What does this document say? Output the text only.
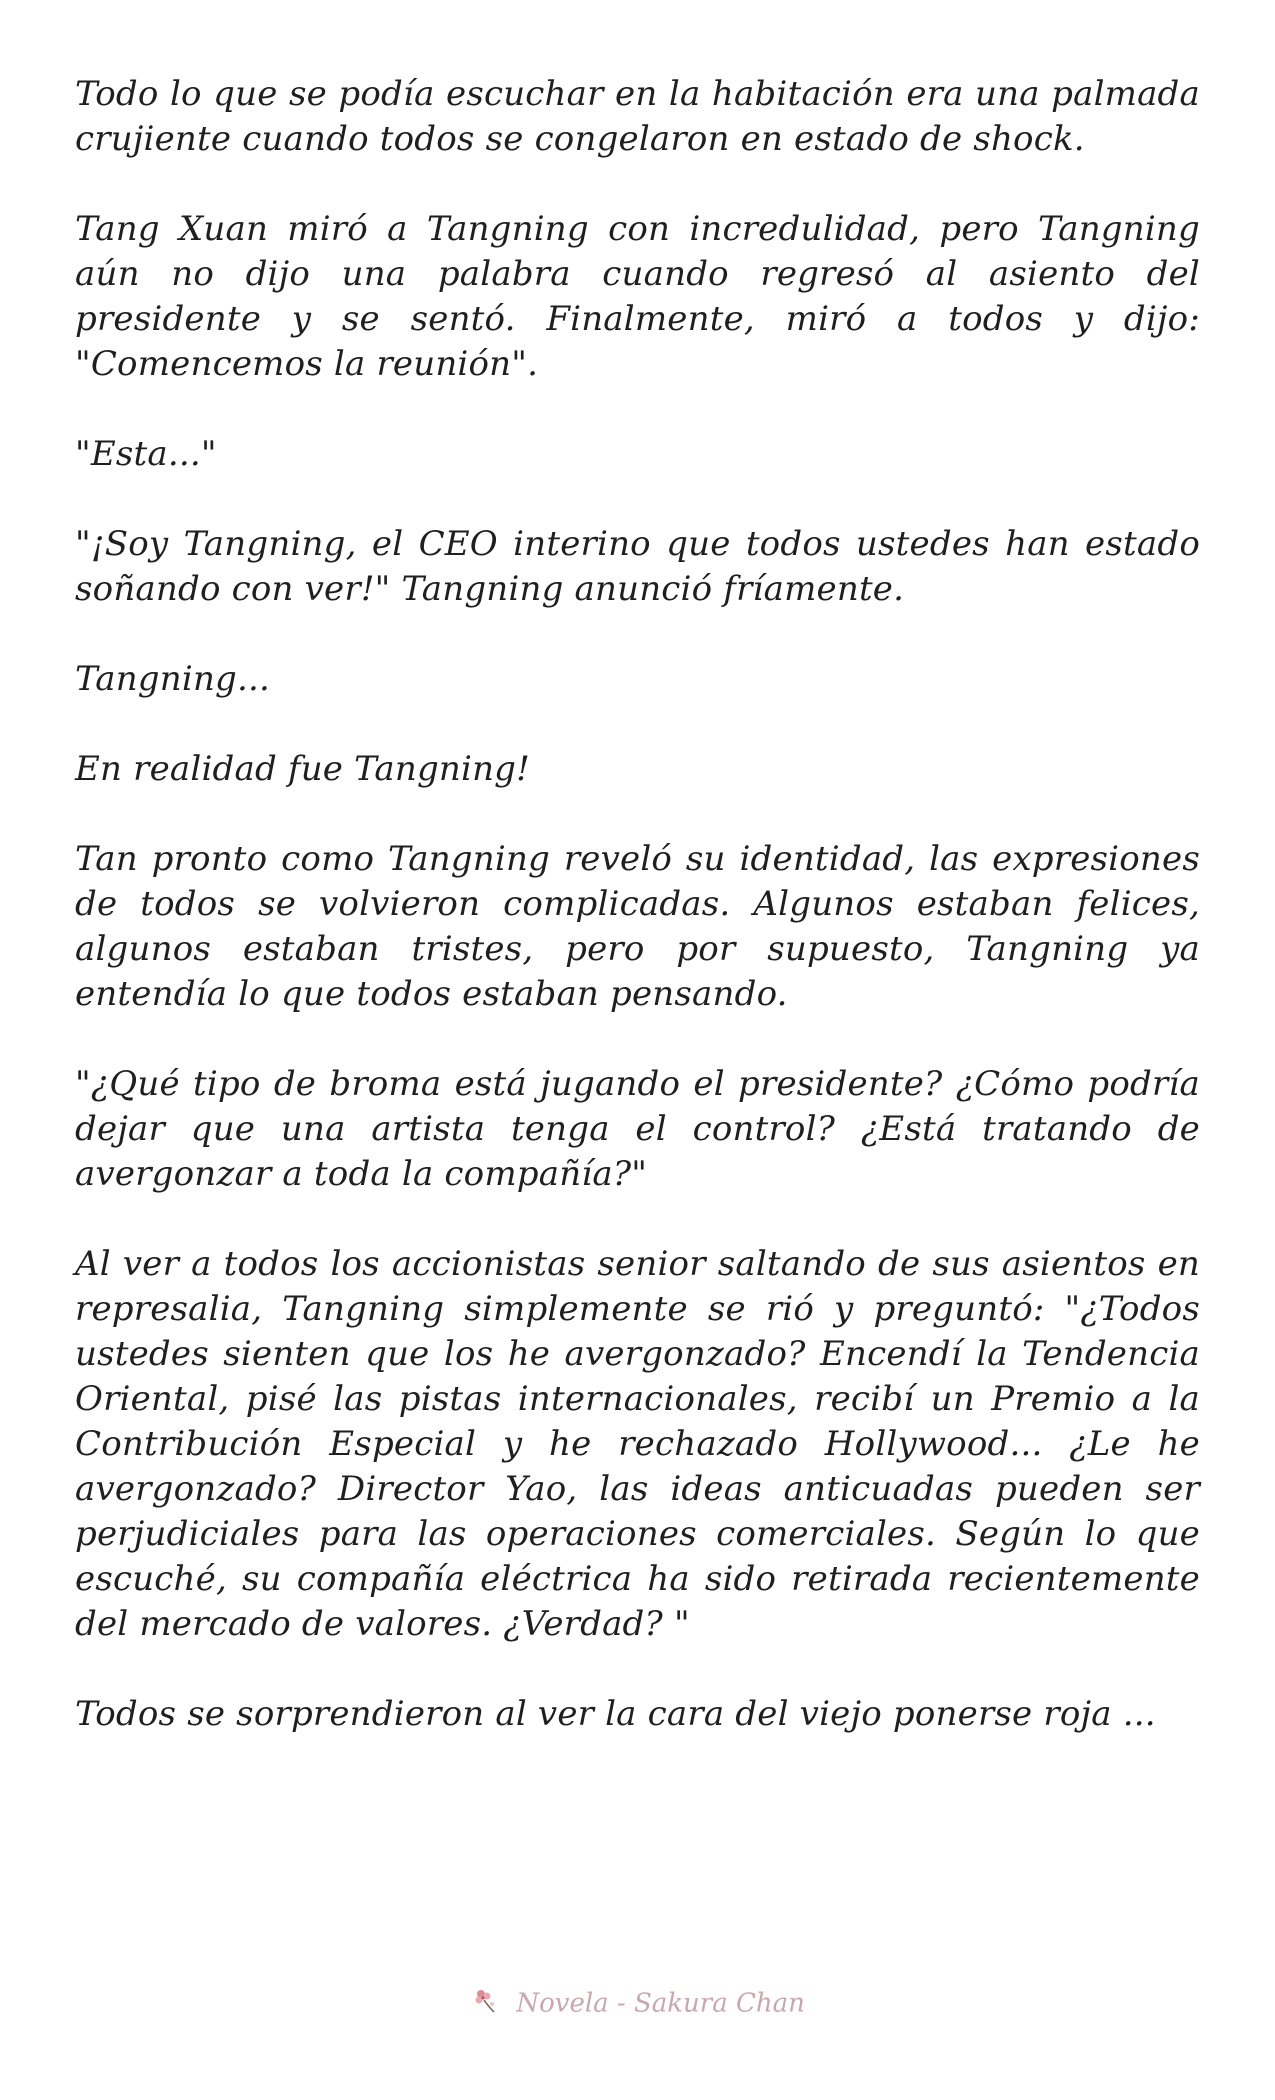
Todo lo que se podía escuchar en la habitación era una palmada crujiente cuando todos se congelaron en estado de shock.

Tang Xuan miró a Tangning con incredulidad, pero Tangning aún no dijo una palabra cuando regresó al asiento del presidente y se sentó. Finalmente, miró a todos y dijo: "Comencemos la reunión".

"Esta..."

"¡Soy Tangning, el CEO interino que todos ustedes han estado soñando con ver!" Tangning anunció fríamente.

Tangning...

En realidad fue Tangning!

Tan pronto como Tangning reveló su identidad, las expresiones de todos se volvieron complicadas. Algunos estaban felices, algunos estaban tristes, pero por supuesto, Tangning ya entendía lo que todos estaban pensando.

"¿Qué tipo de broma está jugando el presidente? ¿Cómo podría dejar que una artista tenga el control? ¿Está tratando de avergonzar a toda la compañía?"

Al ver a todos los accionistas senior saltando de sus asientos en represalia, Tangning simplemente se rió y preguntó: "¿Todos ustedes sienten que los he avergonzado? Encendí la Tendencia Oriental, pisé las pistas internacionales, recibí un Premio a la Contribución Especial y he rechazado Hollywood... ¿Le he avergonzado? Director Yao, las ideas anticuadas pueden ser perjudiciales para las operaciones comerciales. Según lo que escuché, su compañía eléctrica ha sido retirada recientemente del mercado de valores. ¿Verdad? "

Todos se sorprendieron al ver la cara del viejo ponerse roja ...

Novela - Sakura Chan
